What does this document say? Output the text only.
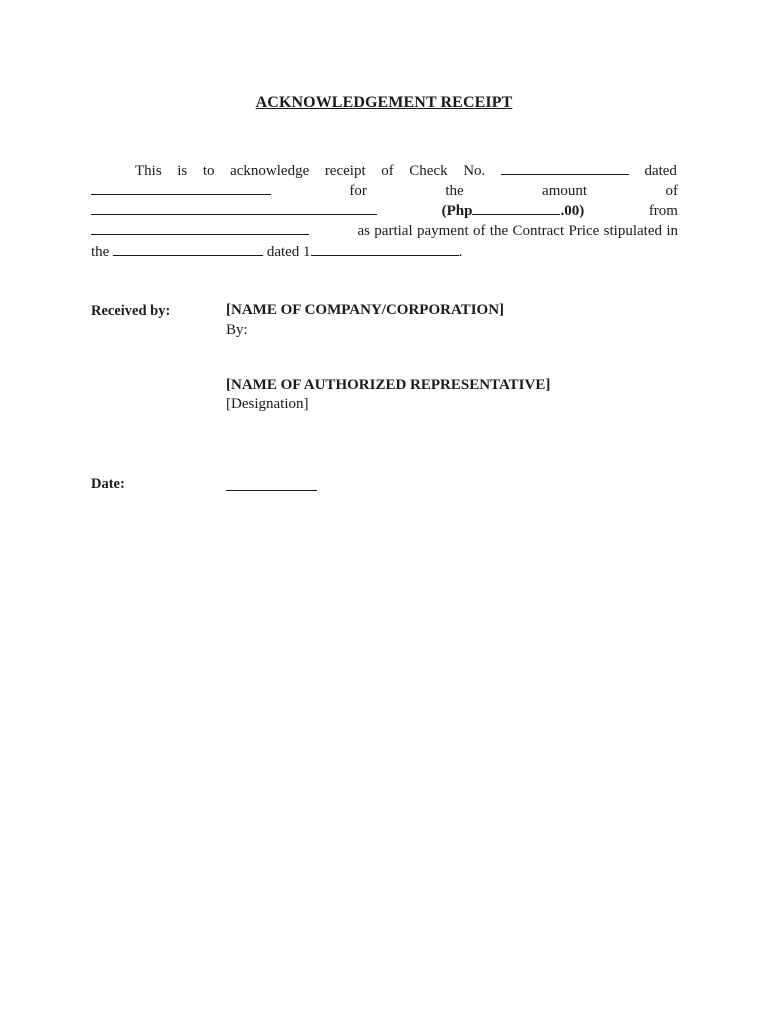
ACKNOWLEDGEMENT RECEIPT
This is to acknowledge receipt of Check No.	dated
for	the	amount	of
(Php	.00)	from
as partial payment of the Contract Price stipulated in
the	dated 1	.
Received by:	[NAME OF COMPANY/CORPORATION]
By:
[NAME OF AUTHORIZED REPRESENTATIVE]
[Designation]
Date:
